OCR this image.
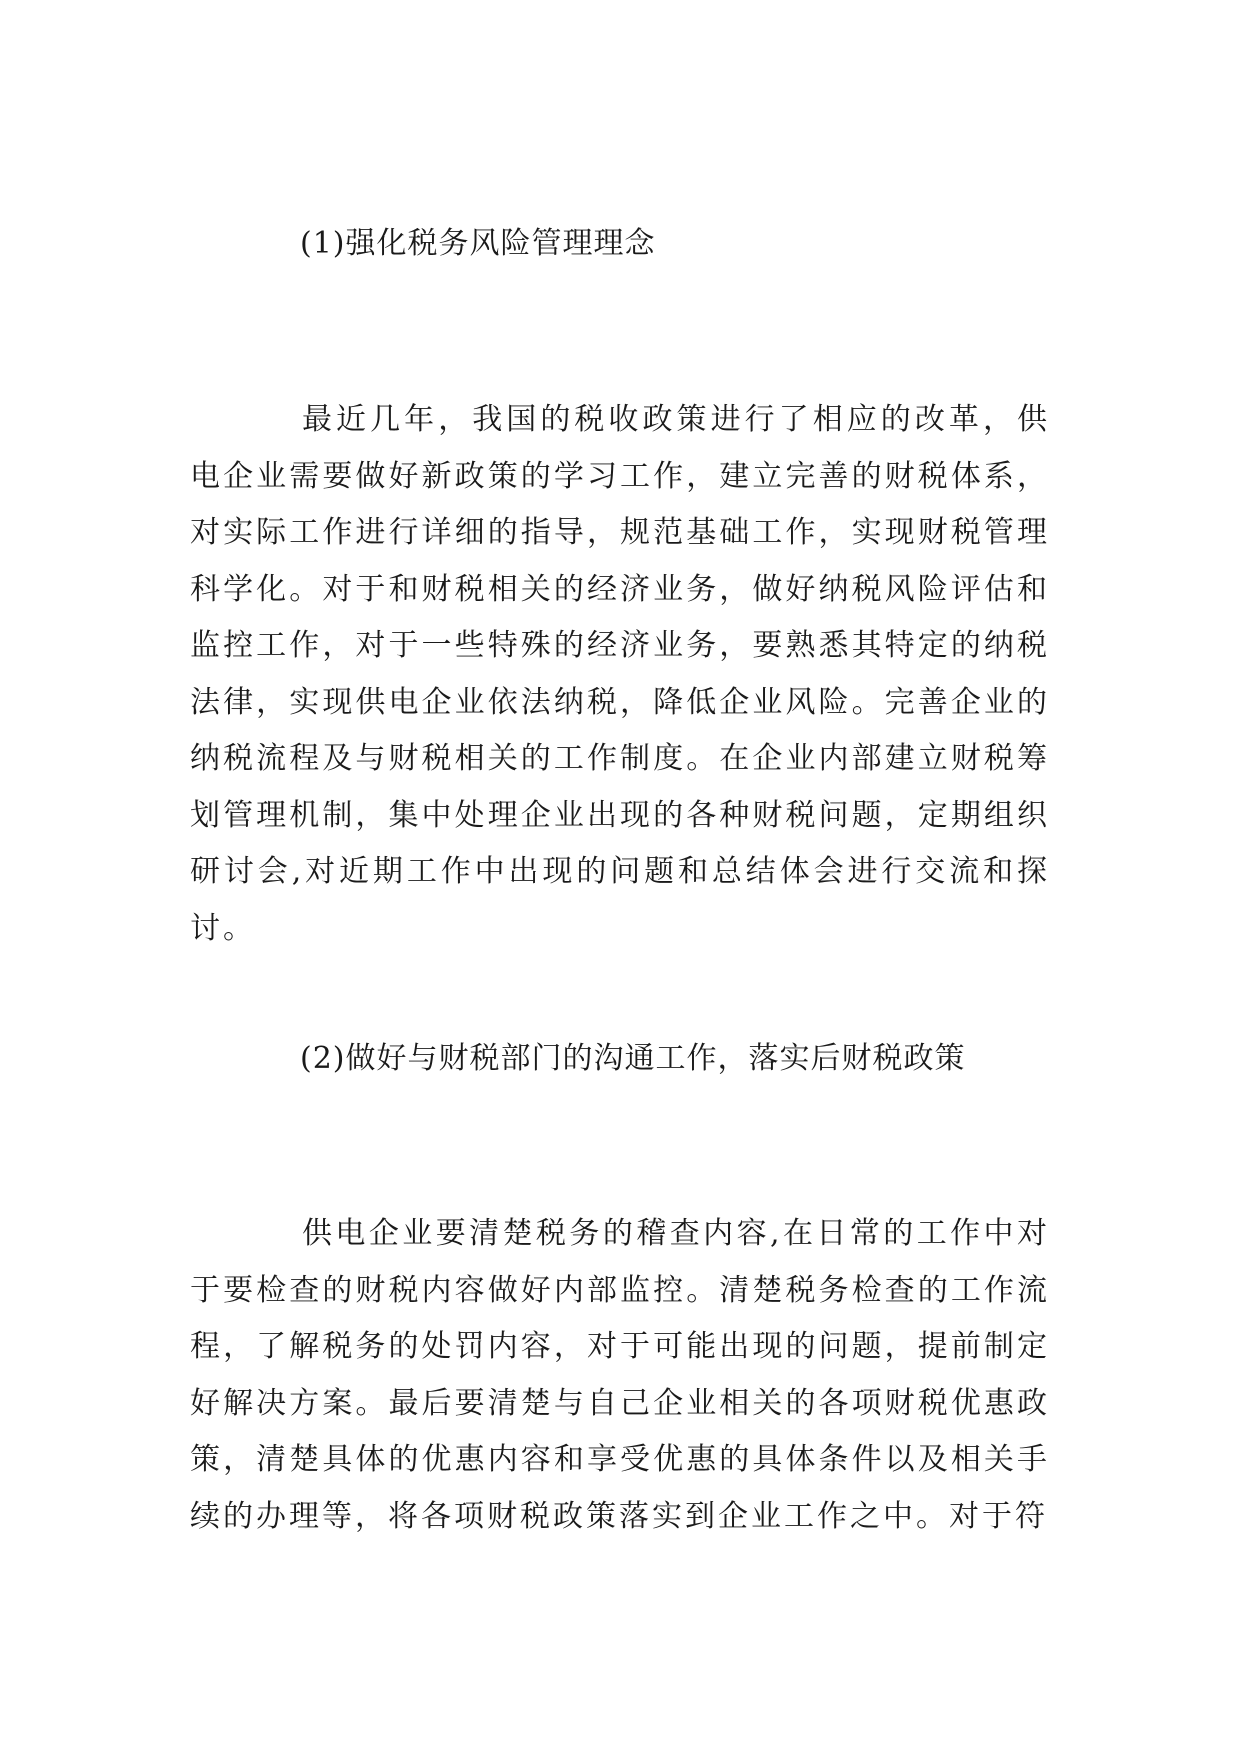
(1)强化税务风险管理理念

最近几年，我国的税收政策进行了相应的改革，供电企业需要做好新政策的学习工作，建立完善的财税体系，对实际工作进行详细的指导，规范基础工作，实现财税管理科学化。对于和财税相关的经济业务，做好纳税风险评估和监控工作，对于一些特殊的经济业务，要熟悉其特定的纳税法律，实现供电企业依法纳税，降低企业风险。完善企业的纳税流程及与财税相关的工作制度。在企业内部建立财税筹划管理机制，集中处理企业出现的各种财税问题，定期组织研讨会,对近期工作中出现的问题和总结体会进行交流和探讨。

(2)做好与财税部门的沟通工作，落实后财税政策

供电企业要清楚税务的稽查内容,在日常的工作中对于要检查的财税内容做好内部监控。清楚税务检查的工作流程，了解税务的处罚内容，对于可能出现的问题，提前制定好解决方案。最后要清楚与自己企业相关的各项财税优惠政策，清楚具体的优惠内容和享受优惠的具体条件以及相关手续的办理等，将各项财税政策落实到企业工作之中。对于符
